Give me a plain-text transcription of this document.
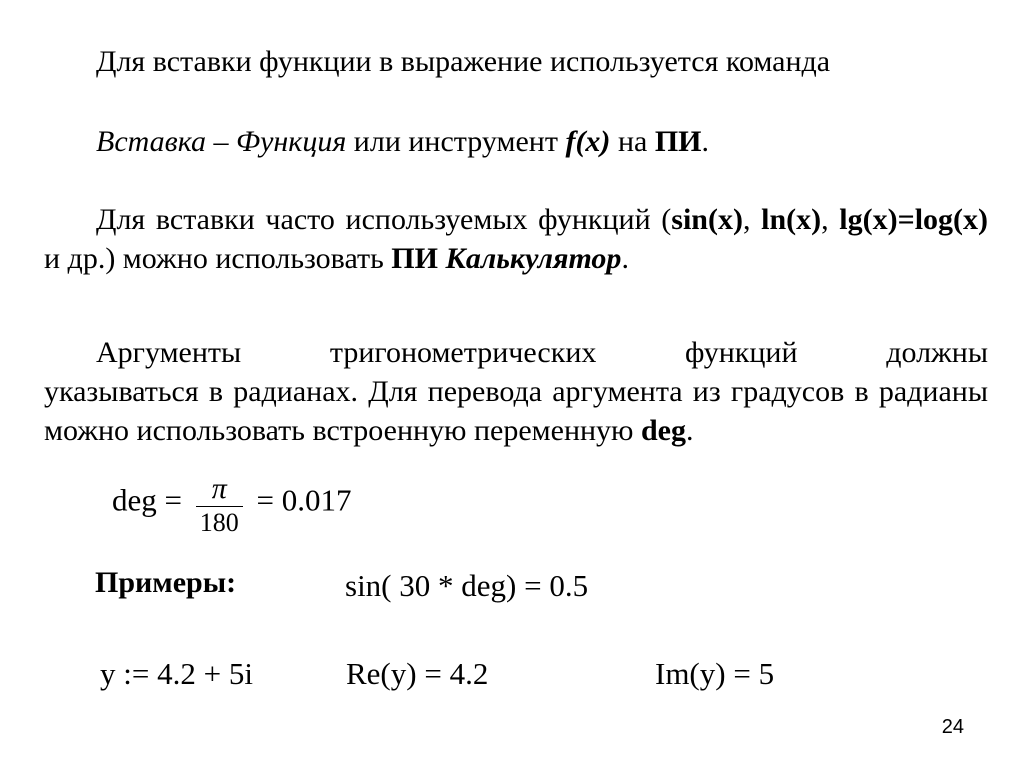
Для вставки функции в выражение используется команда

Вставка – Функция или инструмент f(x) на ПИ.

Для вставки часто используемых функций (sin(x), ln(x), lg(x)=log(x) и др.) можно использовать ПИ Калькулятор.

Аргументы тригонометрических функций должны
указываться в радианах. Для перевода аргумента из градусов в радианы можно использовать встроенную переменную deg.
deg = $\frac{\pi}{180} = 0.017$
Примеры:	sin( 30 * deg) = 0.5
y := 4.2 + 5i	Re(y) = 4.2	Im(y) = 5
24
